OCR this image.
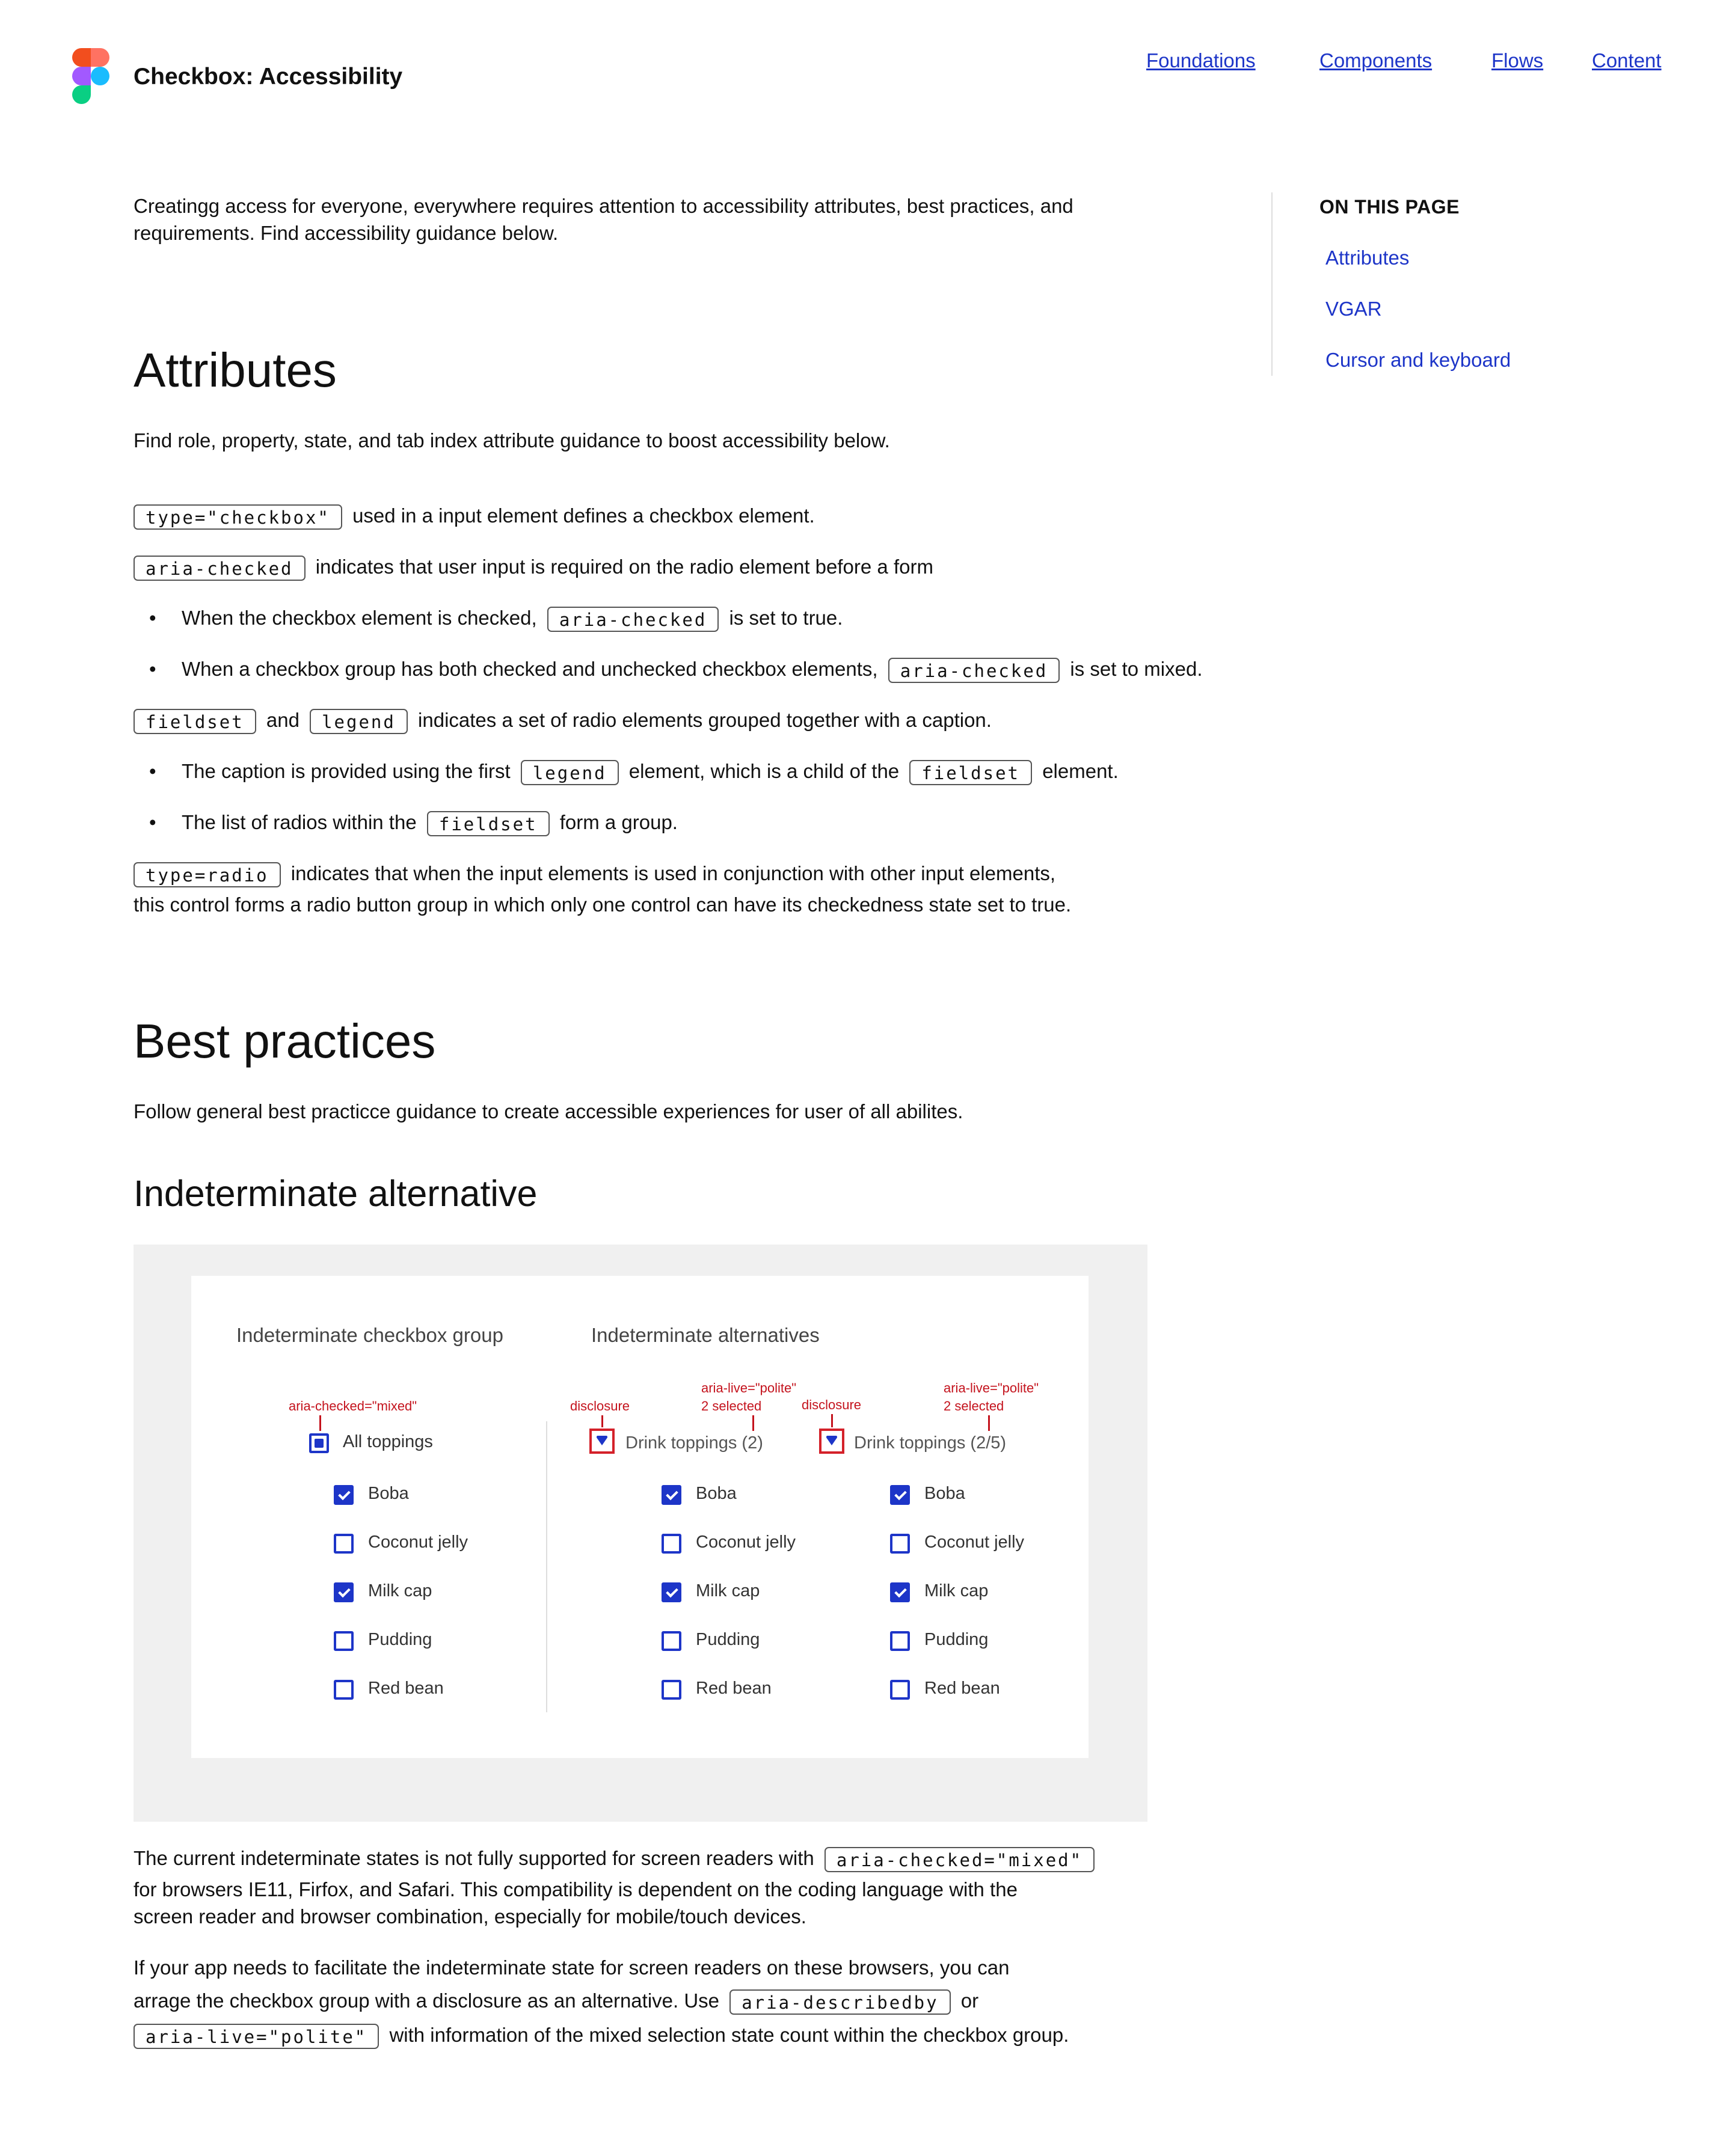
Checkbox: Accessibility
Foundations	Components	Flows Content
ON THIS PAGE
Attributes
VGAR
Cursor and keyboard
Creatingg access for everyone, everywhere requires attention to accessibility attributes, best practices, and
requirements. Find accessibility guidance below.
Attributes
Find role, property, state, and tab index attribute guidance to boost accessibility below.
type="checkbox" used in a input element defines a checkbox element.
aria-checked indicates that user input is required on the radio element before a form
• When the checkbox element is checked, aria-checked is set to true.
• When a checkbox group has both checked and unchecked checkbox elements, aria-checked is set to mixed.
fieldset and legend indicates a set of radio elements grouped together with a caption.
• The caption is provided using the first legend element, which is a child of the fieldset element.
• The list of radios within the fieldset form a group.
type=radio indicates that when the input elements is used in conjunction with other input elements,
this control forms a radio button group in which only one control can have its checkedness state set to true.
Best practices
Follow general best practicce guidance to create accessible experiences for user of all abilites.
Indeterminate alternative
Indeterminate checkbox group	Indeterminate alternatives
aria-checked="mixed"
All toppings
Boba
Coconut jelly
Milk cap
Pudding
Red bean
disclosure
aria-live="polite"
2 selected
Drink toppings (2)
Boba
Coconut jelly
Milk cap
Pudding
Red bean
disclosure
aria-live="polite"
2 selected
Drink toppings (2/5)
Boba
Coconut jelly
Milk cap
Pudding
Red bean
The current indeterminate states is not fully supported for screen readers with aria-checked="mixed"
for browsers IE11, Firfox, and Safari. This compatibility is dependent on the coding language with the
screen reader and browser combination, especially for mobile/touch devices.
If your app needs to facilitate the indeterminate state for screen readers on these browsers, you can
arrage the checkbox group with a disclosure as an alternative. Use aria-describedby or
aria-live="polite" with information of the mixed selection state count within the checkbox group.
